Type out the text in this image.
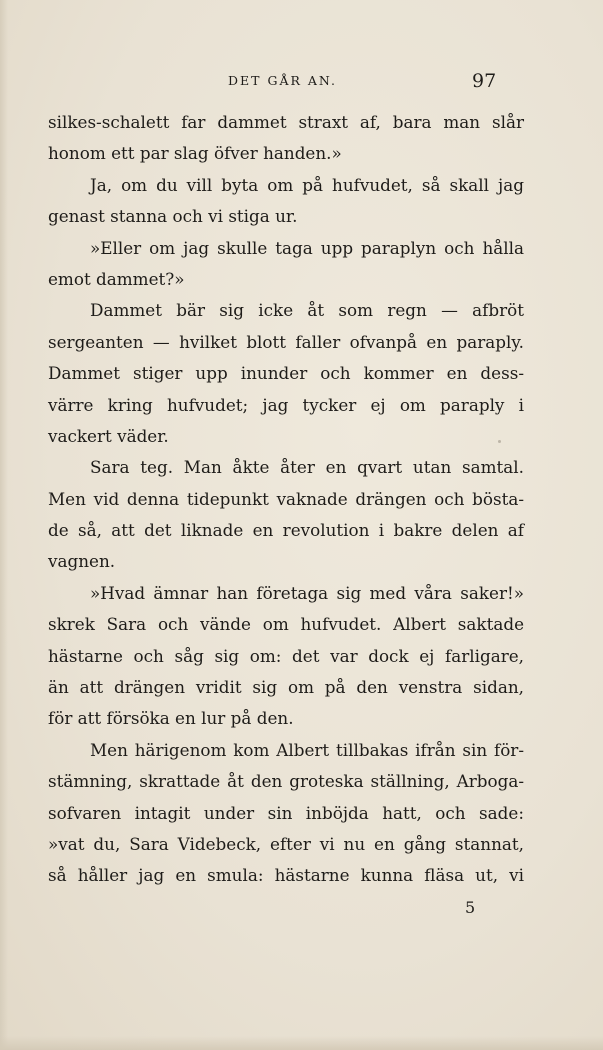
DET GÅR AN.	97
silkes-schalett far dammet straxt af, bara man slår
honom ett par slag öfver handen.»
Ja, om du vill byta om på hufvudet, så skall jag
genast stanna och vi stiga ur.
»Eller om jag skulle taga upp paraplyn och hålla
emot dammet?»
Dammet bär sig icke åt som regn — afbröt
sergeanten — hvilket blott faller ofvanpå en paraply.
Dammet stiger upp inunder och kommer en dess-
värre kring hufvudet; jag tycker ej om paraply i
vackert väder.
Sara teg. Man åkte åter en qvart utan samtal.
Men vid denna tidepunkt vaknade drängen och bösta-
de så, att det liknade en revolution i bakre delen af
vagnen.
»Hvad ämnar han företaga sig med våra saker!»
skrek Sara och vände om hufvudet. Albert saktade
hästarne och såg sig om: det var dock ej farligare,
än att drängen vridit sig om på den venstra sidan,
för att försöka en lur på den.
Men härigenom kom Albert tillbakas ifrån sin för-
stämning, skrattade åt den groteska ställning, Arboga-
sofvaren intagit under sin inböjda hatt, och sade:
»vat du, Sara Videbeck, efter vi nu en gång stannat,
så håller jag en smula: hästarne kunna fläsa ut, vi
5
